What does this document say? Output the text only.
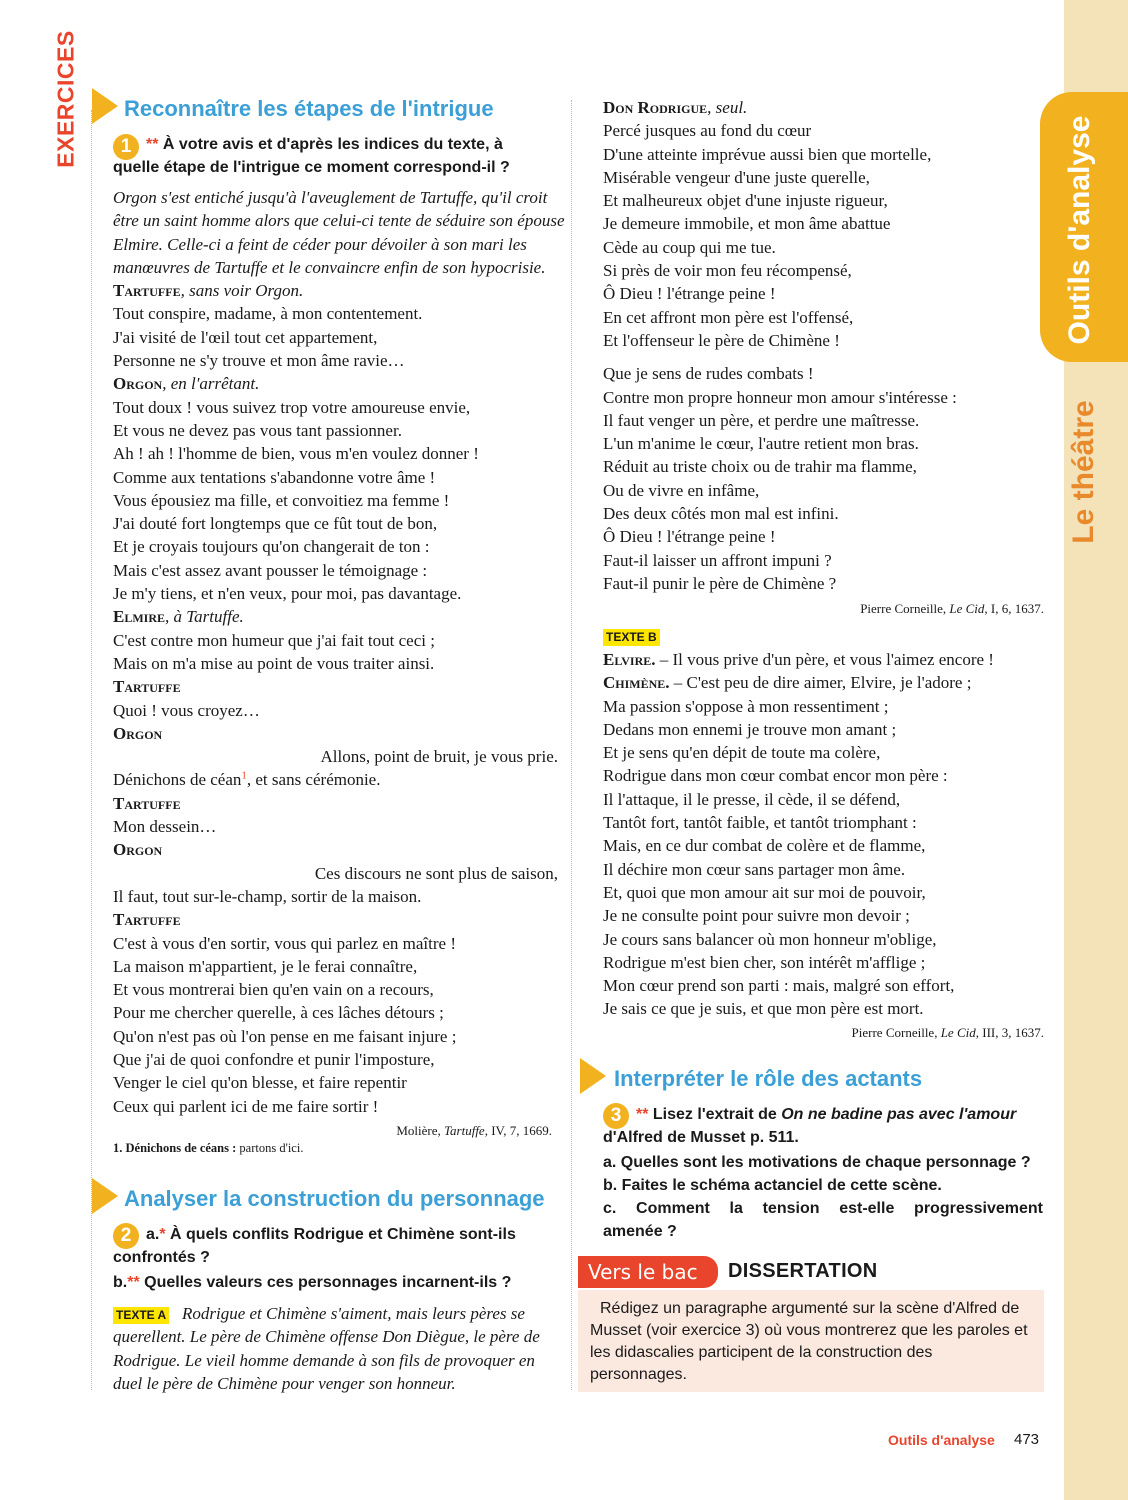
EXERCICES
Outils d'analyse
Le théâtre
Reconnaître les étapes de l'intrigue
1 ** À votre avis et d'après les indices du texte, à
quelle étape de l'intrigue ce moment correspond-il ?
Orgon s'est entiché jusqu'à l'aveuglement de Tartuffe, qu'il croit
être un saint homme alors que celui-ci tente de séduire son épouse
Elmire. Celle-ci a feint de céder pour dévoiler à son mari les
manœuvres de Tartuffe et le convaincre enfin de son hypocrisie.
Tartuffe, sans voir Orgon.
Tout conspire, madame, à mon contentement.
J'ai visité de l'œil tout cet appartement,
Personne ne s'y trouve et mon âme ravie…
Orgon, en l'arrêtant.
Tout doux ! vous suivez trop votre amoureuse envie,
Et vous ne devez pas vous tant passionner.
Ah ! ah ! l'homme de bien, vous m'en voulez donner !
Comme aux tentations s'abandonne votre âme !
Vous épousiez ma fille, et convoitiez ma femme !
J'ai douté fort longtemps que ce fût tout de bon,
Et je croyais toujours qu'on changerait de ton :
Mais c'est assez avant pousser le témoignage :
Je m'y tiens, et n'en veux, pour moi, pas davantage.
Elmire, à Tartuffe.
C'est contre mon humeur que j'ai fait tout ceci ;
Mais on m'a mise au point de vous traiter ainsi.
Tartuffe
Quoi ! vous croyez…
Orgon
Allons, point de bruit, je vous prie.
Dénichons de céan$^1$, et sans cérémonie.
Tartuffe
Mon dessein…
Orgon
Ces discours ne sont plus de saison,
Il faut, tout sur-le-champ, sortir de la maison.
Tartuffe
C'est à vous d'en sortir, vous qui parlez en maître !
La maison m'appartient, je le ferai connaître,
Et vous montrerai bien qu'en vain on a recours,
Pour me chercher querelle, à ces lâches détours ;
Qu'on n'est pas où l'on pense en me faisant injure ;
Que j'ai de quoi confondre et punir l'imposture,
Venger le ciel qu'on blesse, et faire repentir
Ceux qui parlent ici de me faire sortir !
Molière, Tartuffe, IV, 7, 1669.
1. Dénichons de céans : partons d'ici.
Analyser la construction du personnage
2 a.* À quels conflits Rodrigue et Chimène sont-ils
confrontés ?
b.** Quelles valeurs ces personnages incarnent-ils ?
TEXTE A Rodrigue et Chimène s'aiment, mais leurs pères se
querellent. Le père de Chimène offense Don Diègue, le père de
Rodrigue. Le vieil homme demande à son fils de provoquer en
duel le père de Chimène pour venger son honneur.
Don Rodrigue, seul.
Percé jusques au fond du cœur
D'une atteinte imprévue aussi bien que mortelle,
Misérable vengeur d'une juste querelle,
Et malheureux objet d'une injuste rigueur,
Je demeure immobile, et mon âme abattue
Cède au coup qui me tue.
Si près de voir mon feu récompensé,
Ô Dieu ! l'étrange peine !
En cet affront mon père est l'offensé,
Et l'offenseur le père de Chimène !
Que je sens de rudes combats !
Contre mon propre honneur mon amour s'intéresse :
Il faut venger un père, et perdre une maîtresse.
L'un m'anime le cœur, l'autre retient mon bras.
Réduit au triste choix ou de trahir ma flamme,
Ou de vivre en infâme,
Des deux côtés mon mal est infini.
Ô Dieu ! l'étrange peine !
Faut-il laisser un affront impuni ?
Faut-il punir le père de Chimène ?
Pierre Corneille, Le Cid, I, 6, 1637.
TEXTE B
Elvire. – Il vous prive d'un père, et vous l'aimez encore !
Chimène. – C'est peu de dire aimer, Elvire, je l'adore ;
Ma passion s'oppose à mon ressentiment ;
Dedans mon ennemi je trouve mon amant ;
Et je sens qu'en dépit de toute ma colère,
Rodrigue dans mon cœur combat encor mon père :
Il l'attaque, il le presse, il cède, il se défend,
Tantôt fort, tantôt faible, et tantôt triomphant :
Mais, en ce dur combat de colère et de flamme,
Il déchire mon cœur sans partager mon âme.
Et, quoi que mon amour ait sur moi de pouvoir,
Je ne consulte point pour suivre mon devoir ;
Je cours sans balancer où mon honneur m'oblige,
Rodrigue m'est bien cher, son intérêt m'afflige ;
Mon cœur prend son parti : mais, malgré son effort,
Je sais ce que je suis, et que mon père est mort.
Pierre Corneille, Le Cid, III, 3, 1637.
Interpréter le rôle des actants
3 ** Lisez l'extrait de On ne badine pas avec l'amour
d'Alfred de Musset p. 511.
a. Quelles sont les motivations de chaque personnage ?
b. Faites le schéma actanciel de cette scène.
c. Comment la tension est-elle progressivement
amenée ?
Vers le bac	DISSERTATION
Rédigez un paragraphe argumenté sur la scène d'Alfred de Musset (voir exercice 3) où vous montrerez que les paroles et les didascalies participent de la construction des personnages.
Outils d'analyse 473
